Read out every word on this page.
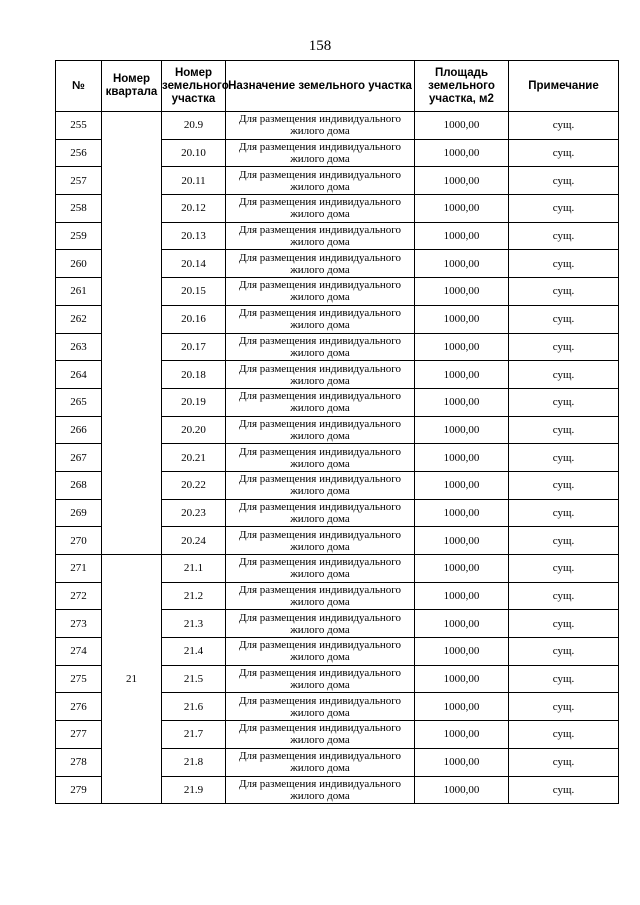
158
№	Номер квартала	Номер земельного участка	Назначение земельного участка	Площадь земельного участка, м2	Примечание
255		20.9	Для размещения индивидуального жилого дома	1000,00	сущ.
256		20.10	Для размещения индивидуального жилого дома	1000,00	сущ.
257		20.11	Для размещения индивидуального жилого дома	1000,00	сущ.
258		20.12	Для размещения индивидуального жилого дома	1000,00	сущ.
259		20.13	Для размещения индивидуального жилого дома	1000,00	сущ.
260		20.14	Для размещения индивидуального жилого дома	1000,00	сущ.
261		20.15	Для размещения индивидуального жилого дома	1000,00	сущ.
262		20.16	Для размещения индивидуального жилого дома	1000,00	сущ.
263		20.17	Для размещения индивидуального жилого дома	1000,00	сущ.
264		20.18	Для размещения индивидуального жилого дома	1000,00	сущ.
265		20.19	Для размещения индивидуального жилого дома	1000,00	сущ.
266		20.20	Для размещения индивидуального жилого дома	1000,00	сущ.
267		20.21	Для размещения индивидуального жилого дома	1000,00	сущ.
268		20.22	Для размещения индивидуального жилого дома	1000,00	сущ.
269		20.23	Для размещения индивидуального жилого дома	1000,00	сущ.
270		20.24	Для размещения индивидуального жилого дома	1000,00	сущ.
271	21	21.1	Для размещения индивидуального жилого дома	1000,00	сущ.
272		21.2	Для размещения индивидуального жилого дома	1000,00	сущ.
273		21.3	Для размещения индивидуального жилого дома	1000,00	сущ.
274		21.4	Для размещения индивидуального жилого дома	1000,00	сущ.
275		21.5	Для размещения индивидуального жилого дома	1000,00	сущ.
276		21.6	Для размещения индивидуального жилого дома	1000,00	сущ.
277		21.7	Для размещения индивидуального жилого дома	1000,00	сущ.
278		21.8	Для размещения индивидуального жилого дома	1000,00	сущ.
279		21.9	Для размещения индивидуального жилого дома	1000,00	сущ.
